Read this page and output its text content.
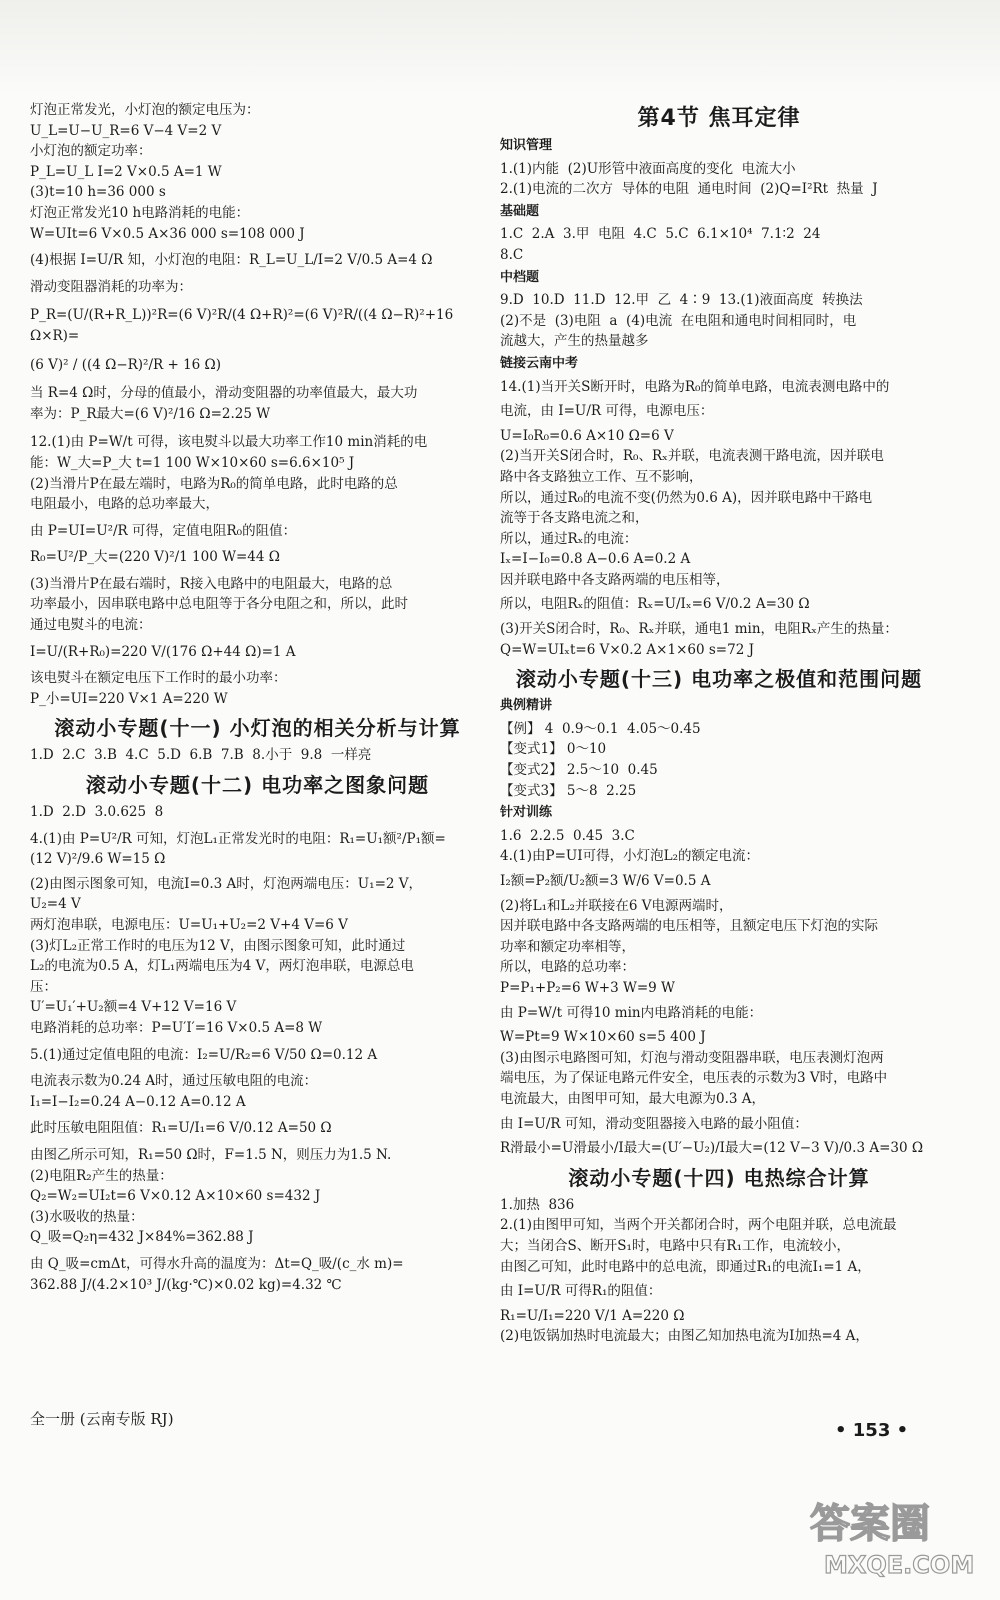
灯泡正常发光，小灯泡的额定电压为：

U_L=U−U_R=6 V−4 V=2 V

小灯泡的额定功率：

P_L=U_L I=2 V×0.5 A=1 W

(3)t=10 h=36 000 s

灯泡正常发光10 h电路消耗的电能：

W=UIt=6 V×0.5 A×36 000 s=108 000 J

(4)根据 I=U/R 知，小灯泡的电阻：R_L=U_L/I=2 V/0.5 A=4 Ω

滑动变阻器消耗的功率为：

P_R=(U/(R+R_L))²R=(6 V)²R/(4 Ω+R)²=(6 V)²R/((4 Ω−R)²+16 Ω×R)=

(6 V)² / ((4 Ω−R)²/R + 16 Ω)

当 R=4 Ω时，分母的值最小，滑动变阻器的功率值最大，最大功

率为：P_R最大=(6 V)²/16 Ω=2.25 W

12.(1)由 P=W/t 可得，该电熨斗以最大功率工作10 min消耗的电

能：W_大=P_大 t=1 100 W×10×60 s=6.6×10⁵ J

(2)当滑片P在最左端时，电路为R₀的简单电路，此时电路的总

电阻最小，电路的总功率最大，

由 P=UI=U²/R 可得，定值电阻R₀的阻值：

R₀=U²/P_大=(220 V)²/1 100 W=44 Ω

(3)当滑片P在最右端时，R接入电路中的电阻最大，电路的总

功率最小，因串联电路中总电阻等于各分电阻之和，所以，此时

通过电熨斗的电流：

I=U/(R+R₀)=220 V/(176 Ω+44 Ω)=1 A

该电熨斗在额定电压下工作时的最小功率：

P_小=UI=220 V×1 A=220 W

滚动小专题(十一) 小灯泡的相关分析与计算

1.D  2.C  3.B  4.C  5.D  6.B  7.B  8.小于  9.8  一样亮

滚动小专题(十二) 电功率之图象问题

1.D  2.D  3.0.625  8

4.(1)由 P=U²/R 可知，灯泡L₁正常发光时的电阻：R₁=U₁额²/P₁额=

(12 V)²/9.6 W=15 Ω

(2)由图示图象可知，电流I=0.3 A时，灯泡两端电压：U₁=2 V，

U₂=4 V

两灯泡串联，电源电压：U=U₁+U₂=2 V+4 V=6 V

(3)灯L₂正常工作时的电压为12 V，由图示图象可知，此时通过

L₂的电流为0.5 A，灯L₁两端电压为4 V，两灯泡串联，电源总电

压：

U′=U₁′+U₂额=4 V+12 V=16 V

电路消耗的总功率：P=U′I′=16 V×0.5 A=8 W

5.(1)通过定值电阻的电流：I₂=U/R₂=6 V/50 Ω=0.12 A

电流表示数为0.24 A时，通过压敏电阻的电流：

I₁=I−I₂=0.24 A−0.12 A=0.12 A

此时压敏电阻阻值：R₁=U/I₁=6 V/0.12 A=50 Ω

由图乙所示可知，R₁=50 Ω时，F=1.5 N，则压力为1.5 N.

(2)电阻R₂产生的热量：

Q₂=W₂=UI₂t=6 V×0.12 A×10×60 s=432 J

(3)水吸收的热量：

Q_吸=Q₂η=432 J×84%=362.88 J

由 Q_吸=cmΔt，可得水升高的温度为：Δt=Q_吸/(c_水 m)=

362.88 J/(4.2×10³ J/(kg·℃)×0.02 kg)=4.32 ℃

第4节 焦耳定律
知识管理

1.(1)内能  (2)U形管中液面高度的变化  电流大小

2.(1)电流的二次方  导体的电阻  通电时间  (2)Q=I²Rt  热量  J

基础题

1.C  2.A  3.甲  电阻  4.C  5.C  6.1×10⁴  7.1∶2  24

8.C

中档题

9.D  10.D  11.D  12.甲  乙  4∶9  13.(1)液面高度  转换法

(2)不是  (3)电阻  a  (4)电流  在电阻和通电时间相同时，电

流越大，产生的热量越多

链接云南中考

14.(1)当开关S断开时，电路为R₀的简单电路，电流表测电路中的

电流，由 I=U/R 可得，电源电压：

U=I₀R₀=0.6 A×10 Ω=6 V

(2)当开关S闭合时，R₀、Rₓ并联，电流表测干路电流，因并联电

路中各支路独立工作、互不影响，

所以，通过R₀的电流不变(仍然为0.6 A)，因并联电路中干路电

流等于各支路电流之和，

所以，通过Rₓ的电流：

Iₓ=I−I₀=0.8 A−0.6 A=0.2 A

因并联电路中各支路两端的电压相等，

所以，电阻Rₓ的阻值：Rₓ=U/Iₓ=6 V/0.2 A=30 Ω

(3)开关S闭合时，R₀、Rₓ并联，通电1 min，电阻Rₓ产生的热量：

Q=W=UIₓt=6 V×0.2 A×1×60 s=72 J

滚动小专题(十三) 电功率之极值和范围问题
典例精讲

【例】 4  0.9～0.1  4.05～0.45

【变式1】 0～10

【变式2】 2.5～10  0.45

【变式3】 5～8  2.25

针对训练

1.6  2.2.5  0.45  3.C

4.(1)由P=UI可得，小灯泡L₂的额定电流：

I₂额=P₂额/U₂额=3 W/6 V=0.5 A

(2)将L₁和L₂并联接在6 V电源两端时，

因并联电路中各支路两端的电压相等，且额定电压下灯泡的实际

功率和额定功率相等，

所以，电路的总功率：

P=P₁+P₂=6 W+3 W=9 W

由 P=W/t 可得10 min内电路消耗的电能：

W=Pt=9 W×10×60 s=5 400 J

(3)由图示电路图可知，灯泡与滑动变阻器串联，电压表测灯泡两

端电压，为了保证电路元件安全，电压表的示数为3 V时，电路中

电流最大，由图甲可知，最大电源为0.3 A，

由 I=U/R 可知，滑动变阻器接入电路的最小阻值：

R滑最小=U滑最小/I最大=(U′−U₂)/I最大=(12 V−3 V)/0.3 A=30 Ω

滚动小专题(十四) 电热综合计算

1.加热  836

2.(1)由图甲可知，当两个开关都闭合时，两个电阻并联，总电流最

大；当闭合S、断开S₁时，电路中只有R₁工作，电流较小，

由图乙可知，此时电路中的总电流，即通过R₁的电流I₁=1 A，

由 I=U/R 可得R₁的阻值：

R₁=U/I₁=220 V/1 A=220 Ω

(2)电饭锅加热时电流最大；由图乙知加热电流为I加热=4 A，

全一册 (云南专版 RJ)
• 153 •
答案圈
MXQE.COM
